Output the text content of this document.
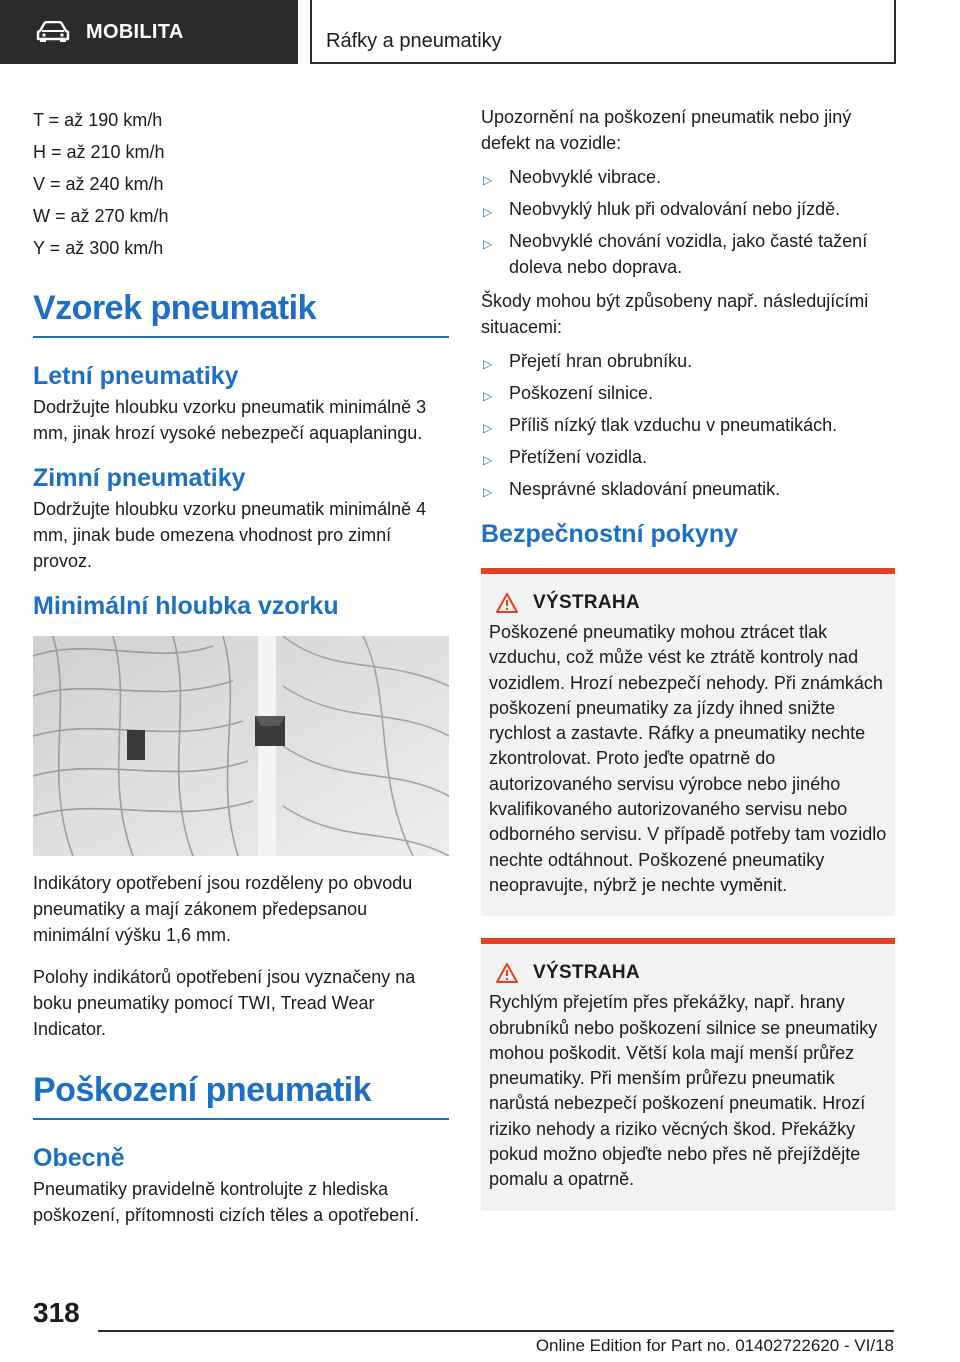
MOBILITA	Ráfky a pneumatiky
T = až 190 km/h
H = až 210 km/h
V = až 240 km/h
W = až 270 km/h
Y = až 300 km/h
Vzorek pneumatik
Letní pneumatiky
Dodržujte hloubku vzorku pneumatik minimálně 3 mm, jinak hrozí vysoké nebezpečí aquaplaningu.
Zimní pneumatiky
Dodržujte hloubku vzorku pneumatik minimálně 4 mm, jinak bude omezena vhodnost pro zimní provoz.
Minimální hloubka vzorku
Indikátory opotřebení jsou rozděleny po obvodu pneumatiky a mají zákonem předepsanou minimální výšku 1,6 mm.
Polohy indikátorů opotřebení jsou vyznačeny na boku pneumatiky pomocí TWI, Tread Wear Indicator.
Poškození pneumatik
Obecně
Pneumatiky pravidelně kontrolujte z hlediska poškození, přítomnosti cizích těles a opotřebení.
Upozornění na poškození pneumatik nebo jiný defekt na vozidle:
▷ Neobvyklé vibrace.
▷ Neobvyklý hluk při odvalování nebo jízdě.
▷ Neobvyklé chování vozidla, jako časté tažení doleva nebo doprava.
Škody mohou být způsobeny např. následujícími situacemi:
▷ Přejetí hran obrubníku.
▷ Poškození silnice.
▷ Příliš nízký tlak vzduchu v pneumatikách.
▷ Přetížení vozidla.
▷ Nesprávné skladování pneumatik.
Bezpečnostní pokyny
VÝSTRAHA
Poškozené pneumatiky mohou ztrácet tlak vzduchu, což může vést ke ztrátě kontroly nad vozidlem. Hrozí nebezpečí nehody. Při známkách poškození pneumatiky za jízdy ihned snižte rychlost a zastavte. Ráfky a pneumatiky nechte zkontrolovat. Proto jeďte opatrně do autorizovaného servisu výrobce nebo jiného kvalifikovaného autorizovaného servisu nebo odborného servisu. V případě potřeby tam vozidlo nechte odtáhnout. Poškozené pneumatiky neopravujte, nýbrž je nechte vyměnit.
VÝSTRAHA
Rychlým přejetím přes překážky, např. hrany obrubníků nebo poškození silnice se pneumatiky mohou poškodit. Větší kola mají menší průřez pneumatiky. Při menším průřezu pneumatik narůstá nebezpečí poškození pneumatik. Hrozí riziko nehody a riziko věcných škod. Překážky pokud možno objeďte nebo přes ně přejíždějte pomalu a opatrně.
318
Online Edition for Part no. 01402722620 - VI/18
